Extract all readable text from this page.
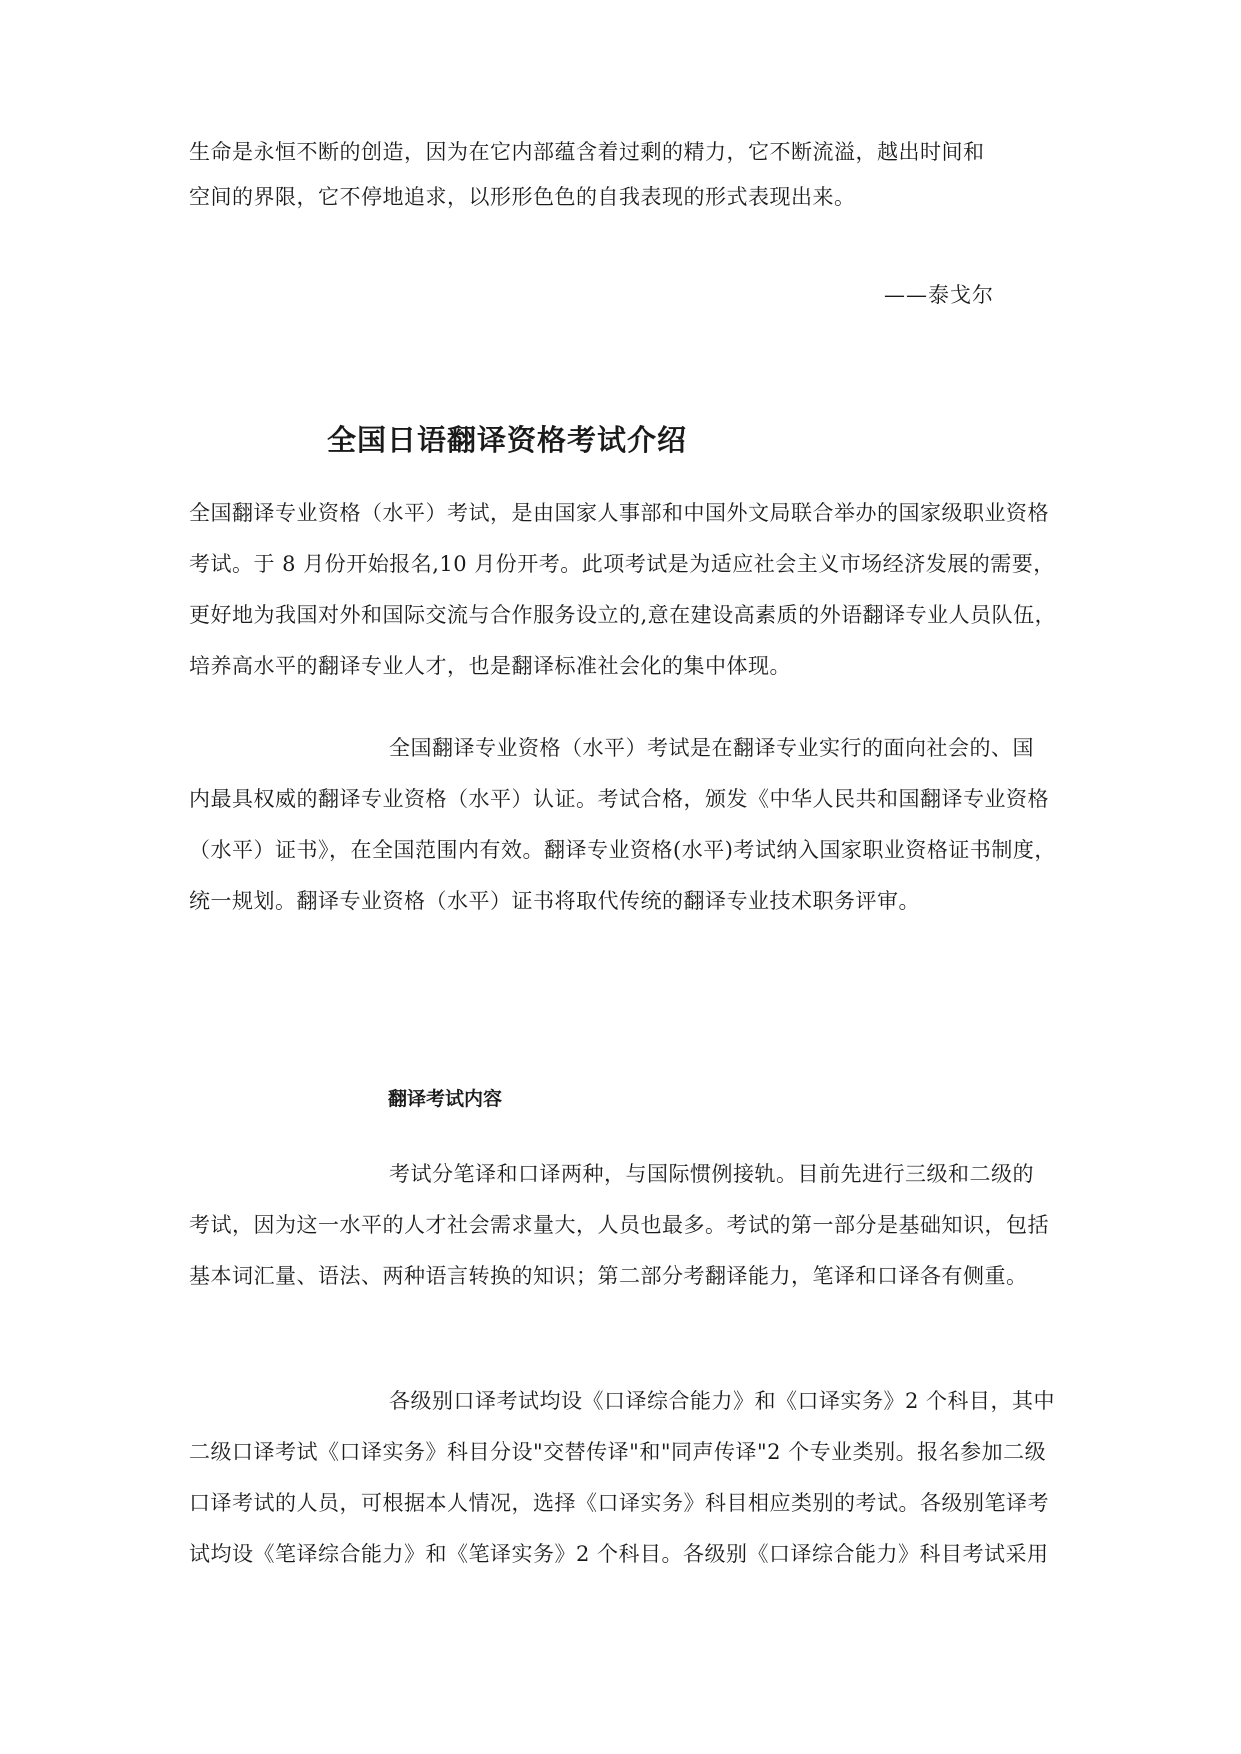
生命是永恒不断的创造，因为在它内部蕴含着过剩的精力，它不断流溢，越出时间和
空间的界限，它不停地追求，以形形色色的自我表现的形式表现出来。
——泰戈尔
全国日语翻译资格考试介绍
全国翻译专业资格（水平）考试，是由国家人事部和中国外文局联合举办的国家级职业资格
考试。于 8 月份开始报名,10 月份开考。此项考试是为适应社会主义市场经济发展的需要，
更好地为我国对外和国际交流与合作服务设立的,意在建设高素质的外语翻译专业人员队伍，
培养高水平的翻译专业人才，也是翻译标准社会化的集中体现。
全国翻译专业资格（水平）考试是在翻译专业实行的面向社会的、国
内最具权威的翻译专业资格（水平）认证。考试合格，颁发《中华人民共和国翻译专业资格
（水平）证书》，在全国范围内有效。翻译专业资格(水平)考试纳入国家职业资格证书制度，
统一规划。翻译专业资格（水平）证书将取代传统的翻译专业技术职务评审。
翻译考试内容
考试分笔译和口译两种，与国际惯例接轨。目前先进行三级和二级的
考试，因为这一水平的人才社会需求量大，人员也最多。考试的第一部分是基础知识，包括
基本词汇量、语法、两种语言转换的知识；第二部分考翻译能力，笔译和口译各有侧重。
各级别口译考试均设《口译综合能力》和《口译实务》2 个科目，其中
二级口译考试《口译实务》科目分设"交替传译"和"同声传译"2 个专业类别。报名参加二级
口译考试的人员，可根据本人情况，选择《口译实务》科目相应类别的考试。各级别笔译考
试均设《笔译综合能力》和《笔译实务》2 个科目。各级别《口译综合能力》科目考试采用
